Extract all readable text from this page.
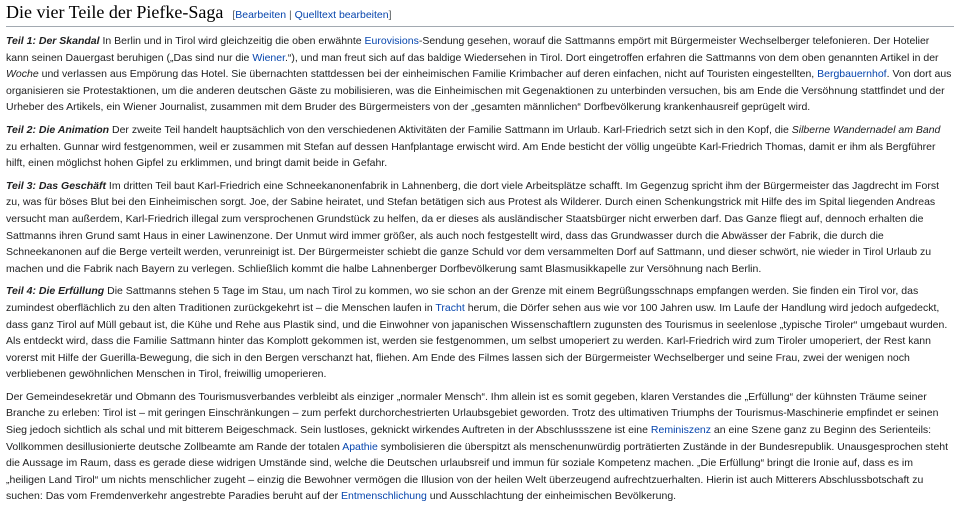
Die vier Teile der Piefke-Saga [Bearbeiten | Quelltext bearbeiten]

Teil 1: Der Skandal In Berlin und in Tirol wird gleichzeitig die oben erwähnte Eurovisions-Sendung gesehen, worauf die Sattmanns empört mit Bürgermeister Wechselberger telefonieren. Der Hotelier kann seinen Dauergast beruhigen („Das sind nur die Wiener.“), und man freut sich auf das baldige Wiedersehen in Tirol. Dort eingetroffen erfahren die Sattmanns von dem oben genannten Artikel in der Woche und verlassen aus Empörung das Hotel. Sie übernachten stattdessen bei der einheimischen Familie Krimbacher auf deren einfachen, nicht auf Touristen eingestellten, Bergbauernhof. Von dort aus organisieren sie Protestaktionen, um die anderen deutschen Gäste zu mobilisieren, was die Einheimischen mit Gegenaktionen zu unterbinden versuchen, bis am Ende die Versöhnung stattfindet und der Urheber des Artikels, ein Wiener Journalist, zusammen mit dem Bruder des Bürgermeisters von der „gesamten männlichen“ Dorfbevölkerung krankenhausreif geprügelt wird.

Teil 2: Die Animation Der zweite Teil handelt hauptsächlich von den verschiedenen Aktivitäten der Familie Sattmann im Urlaub. Karl-Friedrich setzt sich in den Kopf, die Silberne Wandernadel am Band zu erhalten. Gunnar wird festgenommen, weil er zusammen mit Stefan auf dessen Hanfplantage erwischt wird. Am Ende besticht der völlig ungeübte Karl-Friedrich Thomas, damit er ihm als Bergführer hilft, einen möglichst hohen Gipfel zu erklimmen, und bringt damit beide in Gefahr.

Teil 3: Das Geschäft Im dritten Teil baut Karl-Friedrich eine Schneekanonenfabrik in Lahnenberg, die dort viele Arbeitsplätze schafft. Im Gegenzug spricht ihm der Bürgermeister das Jagdrecht im Forst zu, was für böses Blut bei den Einheimischen sorgt. Joe, der Sabine heiratet, und Stefan betätigen sich aus Protest als Wilderer. Durch einen Schenkungstrick mit Hilfe des im Spital liegenden Andreas versucht man außerdem, Karl-Friedrich illegal zum versprochenen Grundstück zu helfen, da er dieses als ausländischer Staatsbürger nicht erwerben darf. Das Ganze fliegt auf, dennoch erhalten die Sattmanns ihren Grund samt Haus in einer Lawinenzone. Der Unmut wird immer größer, als auch noch festgestellt wird, dass das Grundwasser durch die Abwässer der Fabrik, die durch die Schneekanonen auf die Berge verteilt werden, verunreinigt ist. Der Bürgermeister schiebt die ganze Schuld vor dem versammelten Dorf auf Sattmann, und dieser schwört, nie wieder in Tirol Urlaub zu machen und die Fabrik nach Bayern zu verlegen. Schließlich kommt die halbe Lahnenberger Dorfbevölkerung samt Blasmusikkapelle zur Versöhnung nach Berlin.

Teil 4: Die Erfüllung Die Sattmanns stehen 5 Tage im Stau, um nach Tirol zu kommen, wo sie schon an der Grenze mit einem Begrüßungsschnaps empfangen werden. Sie finden ein Tirol vor, das zumindest oberflächlich zu den alten Traditionen zurückgekehrt ist – die Menschen laufen in Tracht herum, die Dörfer sehen aus wie vor 100 Jahren usw. Im Laufe der Handlung wird jedoch aufgedeckt, dass ganz Tirol auf Müll gebaut ist, die Kühe und Rehe aus Plastik sind, und die Einwohner von japanischen Wissenschaftlern zugunsten des Tourismus in seelenlose „typische Tiroler“ umgebaut wurden. Als entdeckt wird, dass die Familie Sattmann hinter das Komplott gekommen ist, werden sie festgenommen, um selbst umoperiert zu werden. Karl-Friedrich wird zum Tiroler umoperiert, der Rest kann vorerst mit Hilfe der Guerilla-Bewegung, die sich in den Bergen verschanzt hat, fliehen. Am Ende des Filmes lassen sich der Bürgermeister Wechselberger und seine Frau, zwei der wenigen noch verbliebenen gewöhnlichen Menschen in Tirol, freiwillig umoperieren.

Der Gemeindesekretär und Obmann des Tourismusverbandes verbleibt als einziger „normaler Mensch“. Ihm allein ist es somit gegeben, klaren Verstandes die „Erfüllung“ der kühnsten Träume seiner Branche zu erleben: Tirol ist – mit geringen Einschränkungen – zum perfekt durchorchestrierten Urlaubsgebiet geworden. Trotz des ultimativen Triumphs der Tourismus-Maschinerie empfindet er seinen Sieg jedoch sichtlich als schal und mit bitterem Beigeschmack. Sein lustloses, geknickt wirkendes Auftreten in der Abschlussszene ist eine Reminiszenz an eine Szene ganz zu Beginn des Serienteils: Vollkommen desillusionierte deutsche Zollbeamte am Rande der totalen Apathie symbolisieren die überspitzt als menschenunwürdig porträtierten Zustände in der Bundesrepublik. Unausgesprochen steht die Aussage im Raum, dass es gerade diese widrigen Umstände sind, welche die Deutschen urlaubsreif und immun für soziale Kompetenz machen. „Die Erfüllung“ bringt die Ironie auf, dass es im „heiligen Land Tirol“ um nichts menschlicher zugeht – einzig die Bewohner vermögen die Illusion von der heilen Welt überzeugend aufrechtzuerhalten. Hierin ist auch Mitterers Abschlussbotschaft zu suchen: Das vom Fremdenverkehr angestrebte Paradies beruht auf der Entmenschlichung und Ausschlachtung der einheimischen Bevölkerung.
